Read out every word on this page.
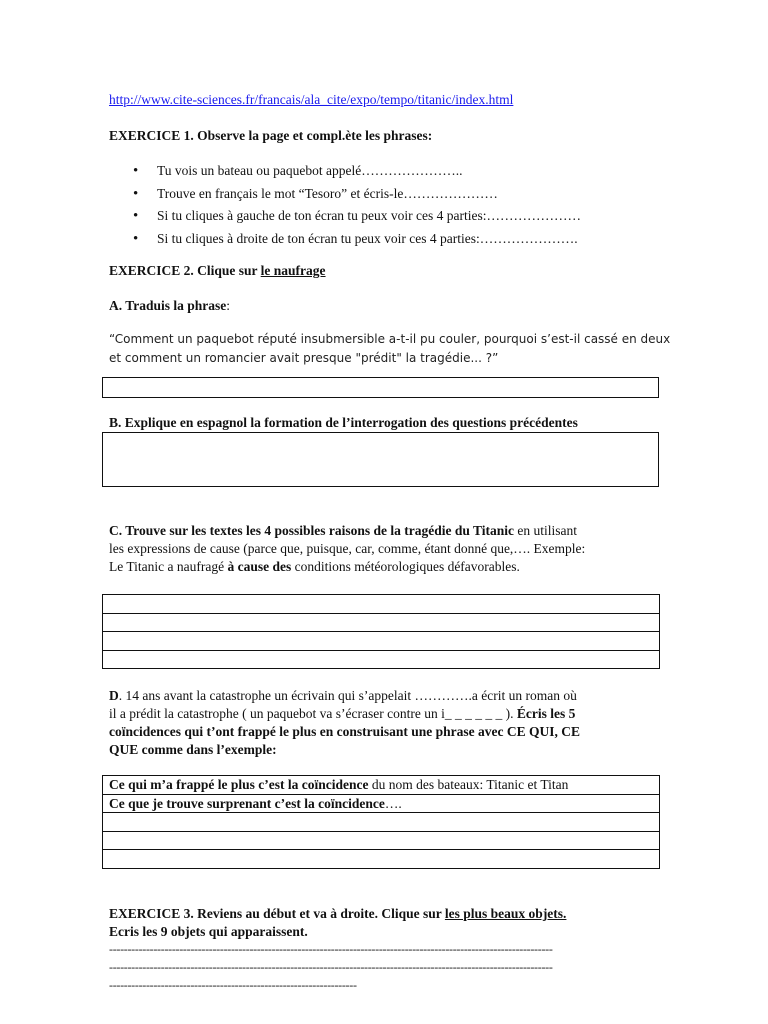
http://www.cite-sciences.fr/francais/ala_cite/expo/tempo/titanic/index.html
EXERCICE 1. Observe la page et compl.ète les phrases:
• Tu vois un bateau ou paquebot appelé…………………..
• Trouve en français le mot “Tesoro” et écris-le…………………
• Si tu cliques à gauche de ton écran tu peux voir ces 4 parties:…………………
• Si tu cliques à droite de ton écran tu peux voir ces 4 parties:………………….
EXERCICE 2. Clique sur le naufrage
A. Traduis la phrase:
“Comment un paquebot réputé insubmersible a-t-il pu couler, pourquoi s’est-il cassé en deux
et comment un romancier avait presque "prédit" la tragédie... ?”
B. Explique en espagnol la formation de l’interrogation des questions précédentes
C. Trouve sur les textes les 4 possibles raisons de la tragédie du Titanic en utilisant
les expressions de cause (parce que, puisque, car, comme, étant donné que,…. Exemple:
Le Titanic a naufragé à cause des conditions météorologiques défavorables.
D. 14 ans avant la catastrophe un écrivain qui s’appelait ………….a écrit un roman où
il a prédit la catastrophe ( un paquebot va s’écraser contre un i_ _ _ _ _ _ ). Écris les 5
coïncidences qui t’ont frappé le plus en construisant une phrase avec CE QUI, CE
QUE comme dans l’exemple:
Ce qui m’a frappé le plus c’est la coïncidence du nom des bateaux: Titanic et Titan
Ce que je trouve surprenant c’est la coïncidence….
EXERCICE 3. Reviens au début et va à droite. Clique sur les plus beaux objets.
Ecris les 9 objets qui apparaissent.
------------------------------------------------------------------------------------------------------------------------
------------------------------------------------------------------------------------------------------------------------
-------------------------------------------------------------------
